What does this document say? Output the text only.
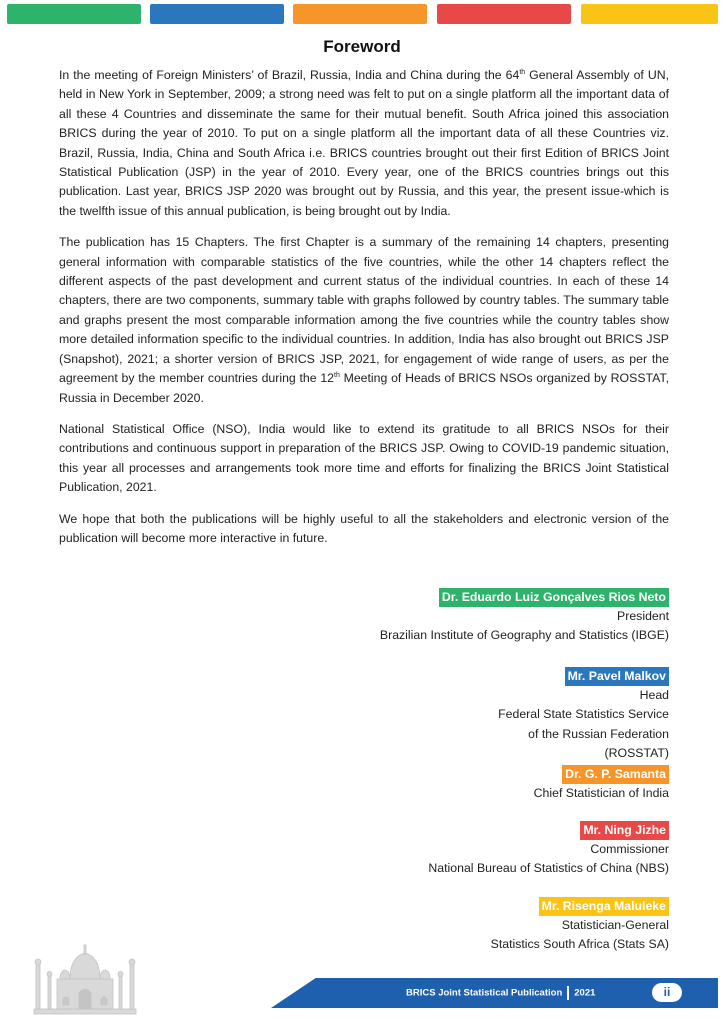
Foreword

In the meeting of Foreign Ministers’ of Brazil, Russia, India and China during the 64th General Assembly of UN, held in New York in September, 2009; a strong need was felt to put on a single platform all the important data of all these 4 Countries and disseminate the same for their mutual benefit. South Africa joined this association BRICS during the year of 2010. To put on a single platform all the important data of all these Countries viz. Brazil, Russia, India, China and South Africa i.e. BRICS countries brought out their first Edition of BRICS Joint Statistical Publication (JSP) in the year of 2010. Every year, one of the BRICS countries brings out this publication. Last year, BRICS JSP 2020 was brought out by Russia, and this year, the present issue-which is the twelfth issue of this annual publication, is being brought out by India.

The publication has 15 Chapters. The first Chapter is a summary of the remaining 14 chapters, presenting general information with comparable statistics of the five countries, while the other 14 chapters reflect the different aspects of the past development and current status of the individual countries. In each of these 14 chapters, there are two components, summary table with graphs followed by country tables. The summary table and graphs present the most comparable information among the five countries while the country tables show more detailed information specific to the individual countries. In addition, India has also brought out BRICS JSP (Snapshot), 2021; a shorter version of BRICS JSP, 2021, for engagement of wide range of users, as per the agreement by the member countries during the 12th Meeting of Heads of BRICS NSOs organized by ROSSTAT, Russia in December 2020.

National Statistical Office (NSO), India would like to extend its gratitude to all BRICS NSOs for their contributions and continuous support in preparation of the BRICS JSP. Owing to COVID-19 pandemic situation, this year all processes and arrangements took more time and efforts for finalizing the BRICS Joint Statistical Publication, 2021.

We hope that both the publications will be highly useful to all the stakeholders and electronic version of the publication will become more interactive in future.

Dr. Eduardo Luiz Gonçalves Rios Neto
President
Brazilian Institute of Geography and Statistics (IBGE)
Mr. Pavel Malkov
Head
Federal State Statistics Service
of the Russian Federation
(ROSSTAT)
Dr. G. P. Samanta
Chief Statistician of India
Mr. Ning Jizhe
Commissioner
National Bureau of Statistics of China (NBS)
Mr. Risenga Maluleke
Statistician-General
Statistics South Africa (Stats SA)
BRICS Joint Statistical Publication 2021	ii
